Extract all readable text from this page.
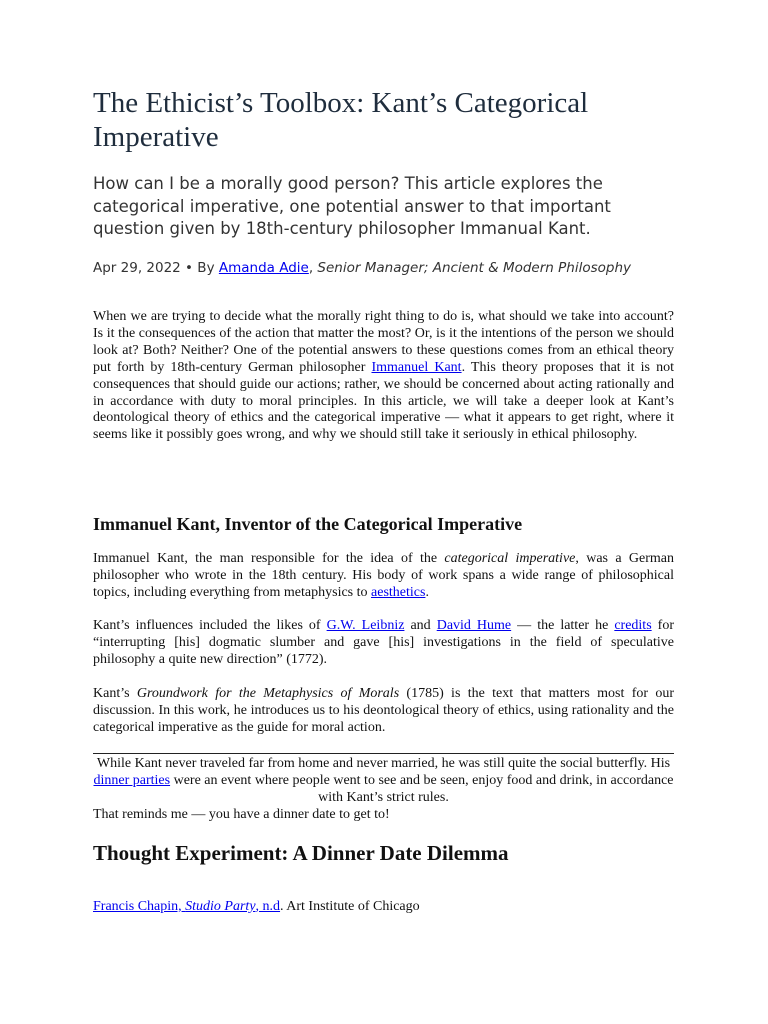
The Ethicist’s Toolbox: Kant’s Categorical Imperative

How can I be a morally good person? This article explores the categorical imperative, one potential answer to that important question given by 18th-century philosopher Immanual Kant.

Apr 29, 2022 • By Amanda Adie, Senior Manager; Ancient & Modern Philosophy

When we are trying to decide what the morally right thing to do is, what should we take into account? Is it the consequences of the action that matter the most? Or, is it the intentions of the person we should look at? Both? Neither? One of the potential answers to these questions comes from an ethical theory put forth by 18th-century German philosopher Immanuel Kant. This theory proposes that it is not consequences that should guide our actions; rather, we should be concerned about acting rationally and in accordance with duty to moral principles. In this article, we will take a deeper look at Kant’s deontological theory of ethics and the categorical imperative — what it appears to get right, where it seems like it possibly goes wrong, and why we should still take it seriously in ethical philosophy.

Immanuel Kant, Inventor of the Categorical Imperative

Immanuel Kant, the man responsible for the idea of the categorical imperative, was a German philosopher who wrote in the 18th century. His body of work spans a wide range of philosophical topics, including everything from metaphysics to aesthetics.

Kant’s influences included the likes of G.W. Leibniz and David Hume — the latter he credits for “interrupting [his] dogmatic slumber and gave [his] investigations in the field of speculative philosophy a quite new direction” (1772).

Kant’s Groundwork for the Metaphysics of Morals (1785) is the text that matters most for our discussion. In this work, he introduces us to his deontological theory of ethics, using rationality and the categorical imperative as the guide for moral action.

While Kant never traveled far from home and never married, he was still quite the social butterfly. His dinner parties were an event where people went to see and be seen, enjoy food and drink, in accordance with Kant’s strict rules.

That reminds me — you have a dinner date to get to!

Thought Experiment: A Dinner Date Dilemma

Francis Chapin, Studio Party, n.d. Art Institute of Chicago
